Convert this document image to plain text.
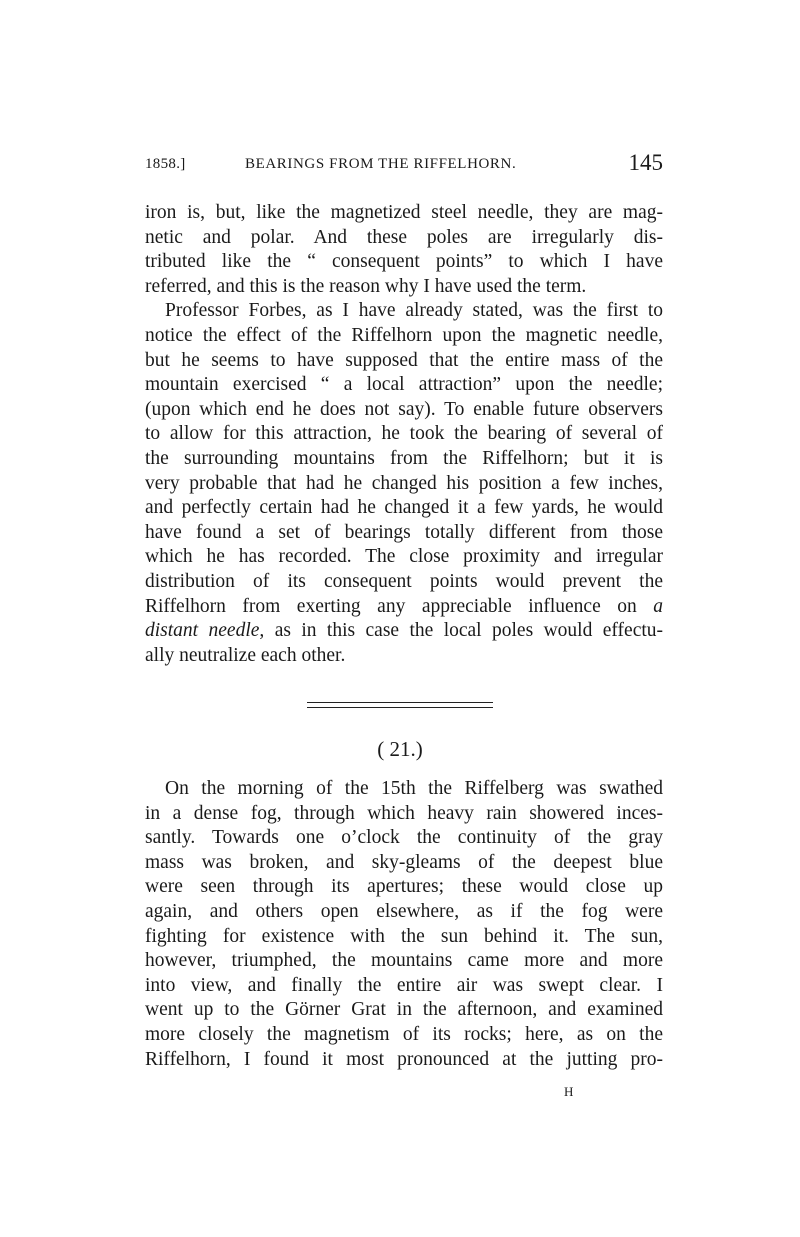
1858.]	BEARINGS FROM THE RIFFELHORN.	145
iron is, but, like the magnetized steel needle, they are mag-
netic and polar. And these poles are irregularly dis-
tributed like the “ consequent points” to which I have
referred, and this is the reason why I have used the term.
Professor Forbes, as I have already stated, was the first to
notice the effect of the Riffelhorn upon the magnetic needle,
but he seems to have supposed that the entire mass of the
mountain exercised “ a local attraction” upon the needle;
(upon which end he does not say). To enable future observers
to allow for this attraction, he took the bearing of several of
the surrounding mountains from the Riffelhorn; but it is
very probable that had he changed his position a few inches,
and perfectly certain had he changed it a few yards, he would
have found a set of bearings totally different from those
which he has recorded. The close proximity and irregular
distribution of its consequent points would prevent the
Riffelhorn from exerting any appreciable influence on a
distant needle, as in this case the local poles would effectu-
ally neutralize each other.
( 21.)
On the morning of the 15th the Riffelberg was swathed
in a dense fog, through which heavy rain showered inces-
santly. Towards one o’clock the continuity of the gray
mass was broken, and sky-gleams of the deepest blue
were seen through its apertures; these would close up
again, and others open elsewhere, as if the fog were
fighting for existence with the sun behind it. The sun,
however, triumphed, the mountains came more and more
into view, and finally the entire air was swept clear. I
went up to the Görner Grat in the afternoon, and examined
more closely the magnetism of its rocks; here, as on the
Riffelhorn, I found it most pronounced at the jutting pro-
H
